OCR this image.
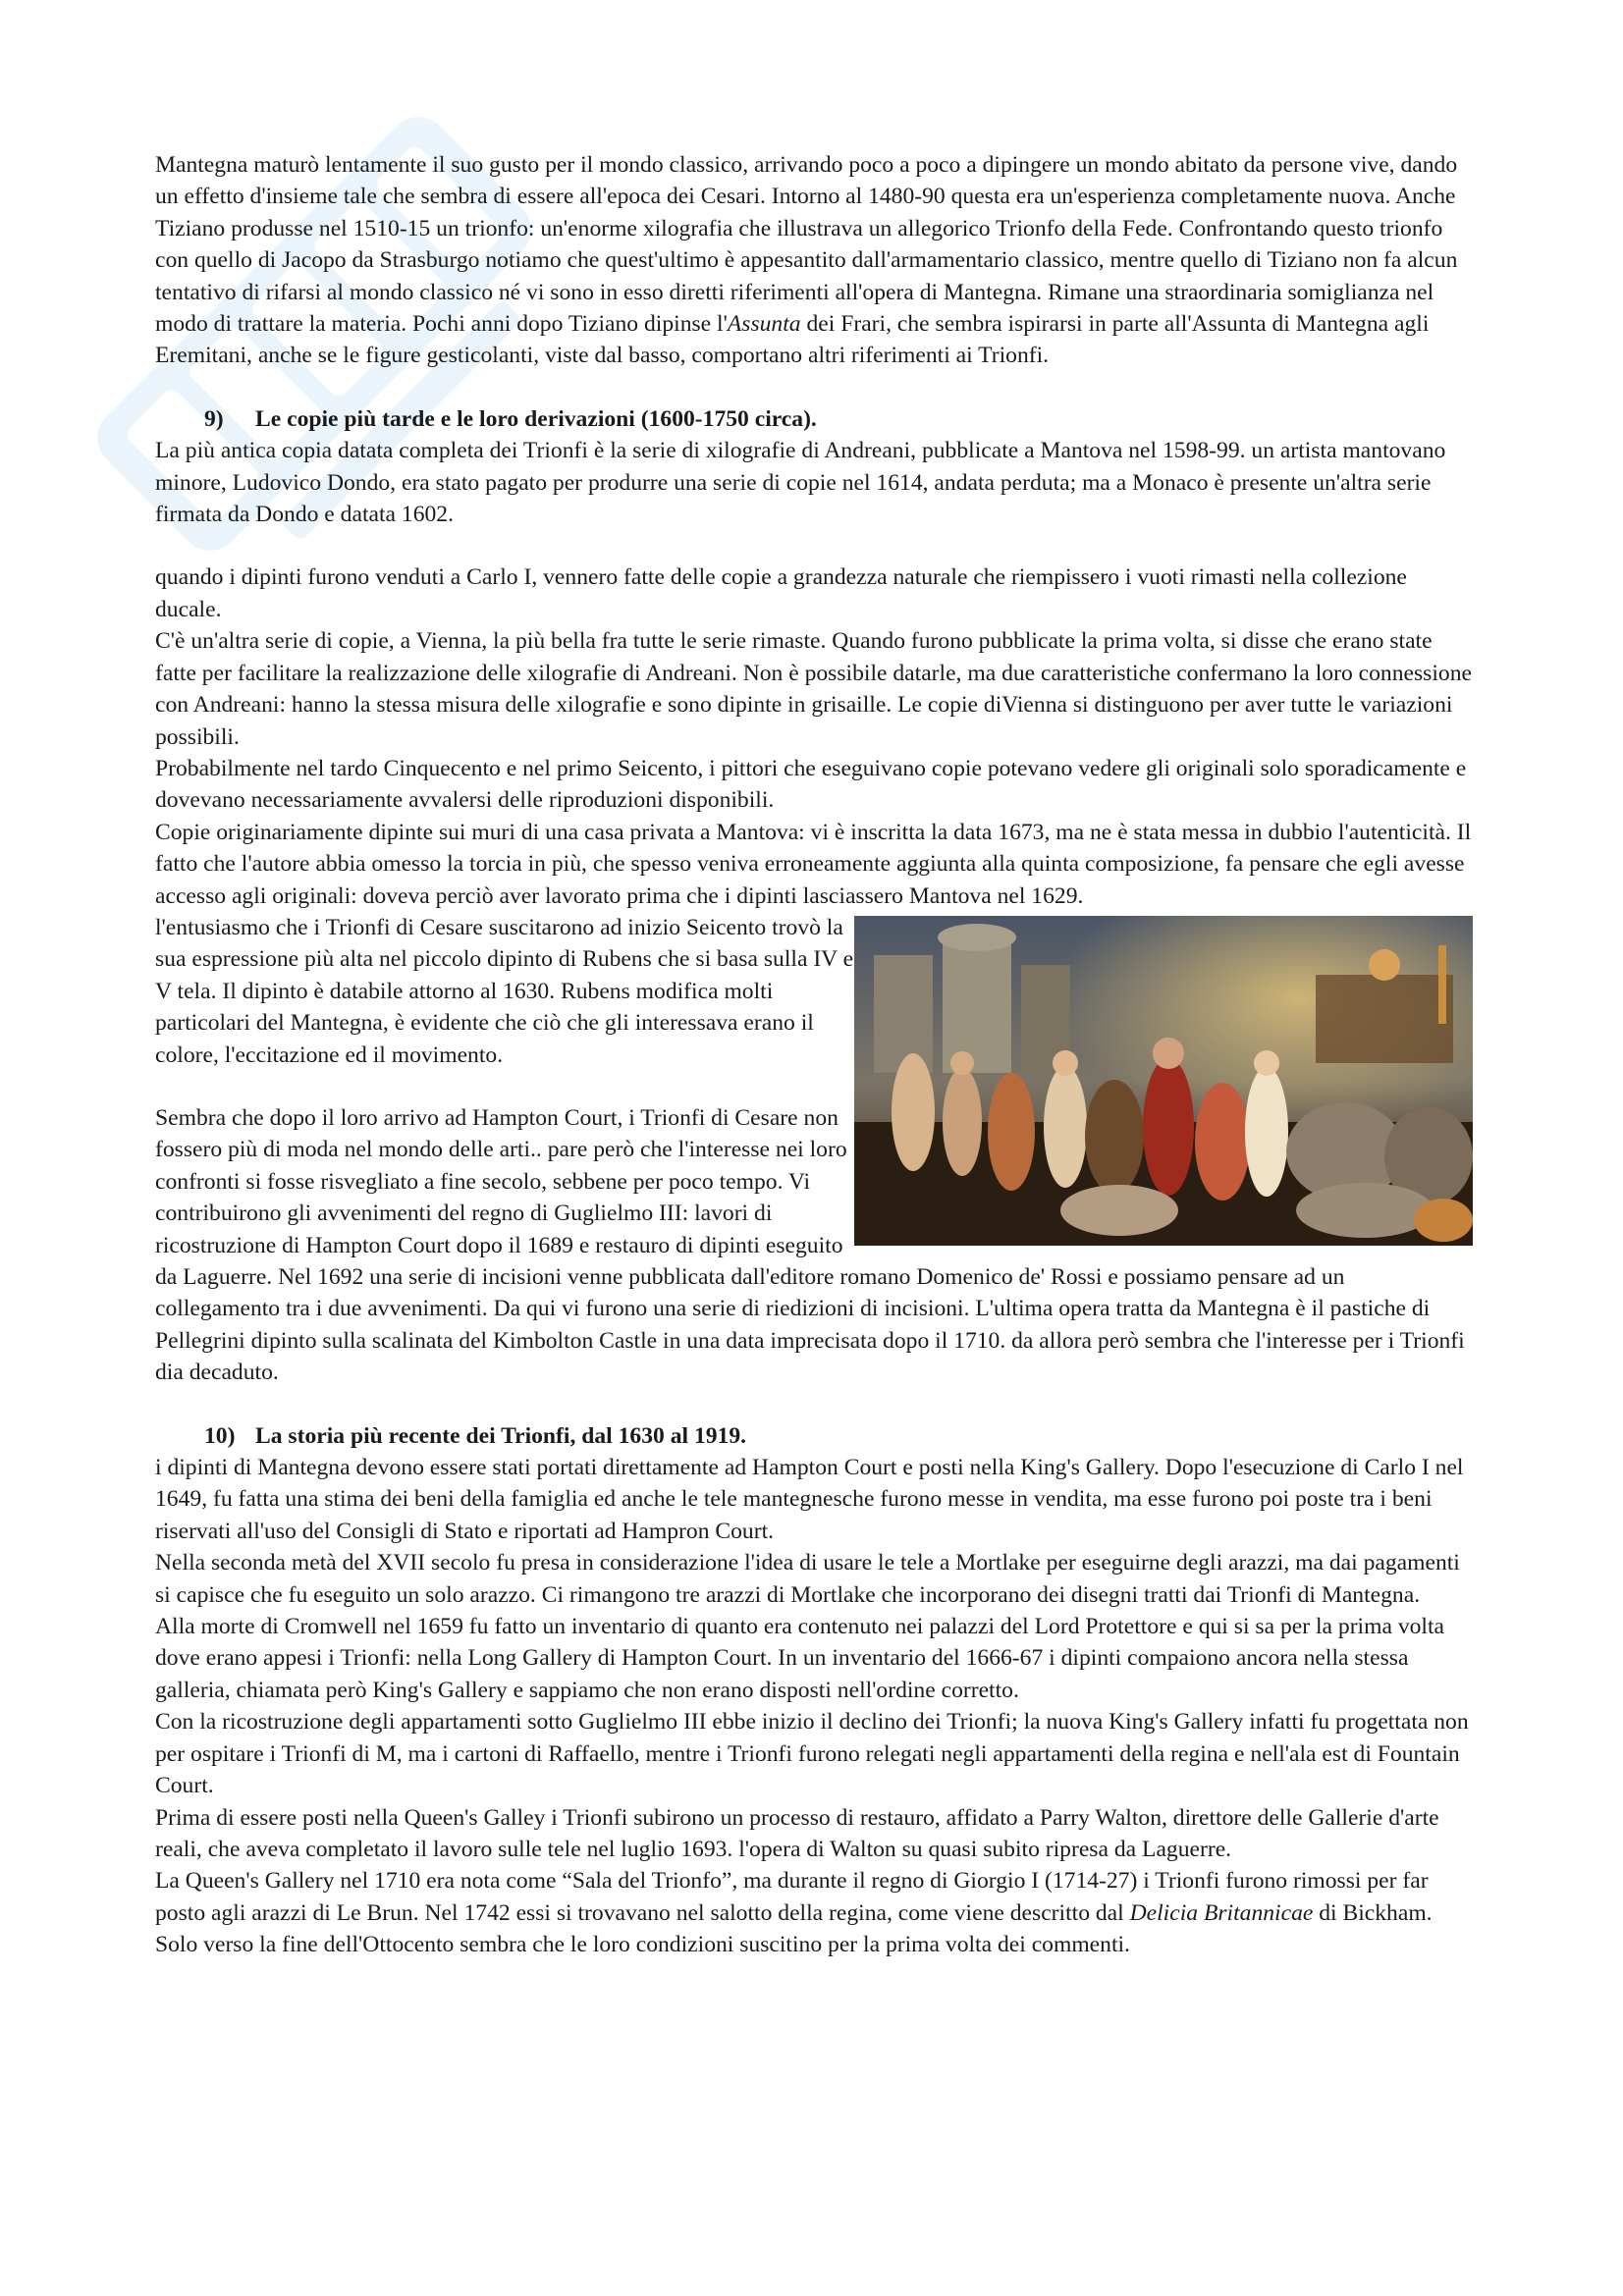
Mantegna maturò lentamente il suo gusto per il mondo classico, arrivando poco a poco a dipingere un mondo abitato da persone vive, dando un effetto d'insieme tale che sembra di essere all'epoca dei Cesari. Intorno al 1480-90 questa era un'esperienza completamente nuova. Anche Tiziano produsse nel 1510-15 un trionfo: un'enorme xilografia che illustrava un allegorico Trionfo della Fede. Confrontando questo trionfo con quello di Jacopo da Strasburgo notiamo che quest'ultimo è appesantito dall'armamentario classico, mentre quello di Tiziano non fa alcun tentativo di rifarsi al mondo classico né vi sono in esso diretti riferimenti all'opera di Mantegna. Rimane una straordinaria somiglianza nel modo di trattare la materia. Pochi anni dopo Tiziano dipinse l'Assunta dei Frari, che sembra ispirarsi in parte all'Assunta di Mantegna agli Eremitani, anche se le figure gesticolanti, viste dal basso, comportano altri riferimenti ai Trionfi.

9) Le copie più tarde e le loro derivazioni (1600-1750 circa).

La più antica copia datata completa dei Trionfi è la serie di xilografie di Andreani, pubblicate a Mantova nel 1598-99. un artista mantovano minore, Ludovico Dondo, era stato pagato per produrre una serie di copie nel 1614, andata perduta; ma a Monaco è presente un'altra serie firmata da Dondo e datata 1602.

quando i dipinti furono venduti a Carlo I, vennero fatte delle copie a grandezza naturale che riempissero i vuoti rimasti nella collezione ducale.

C'è un'altra serie di copie, a Vienna, la più bella fra tutte le serie rimaste. Quando furono pubblicate la prima volta, si disse che erano state fatte per facilitare la realizzazione delle xilografie di Andreani. Non è possibile datarle, ma due caratteristiche confermano la loro connessione con Andreani: hanno la stessa misura delle xilografie e sono dipinte in grisaille. Le copie diVienna si distinguono per aver tutte le variazioni possibili.

Probabilmente nel tardo Cinquecento e nel primo Seicento, i pittori che eseguivano copie potevano vedere gli originali solo sporadicamente e dovevano necessariamente avvalersi delle riproduzioni disponibili.

Copie originariamente dipinte sui muri di una casa privata a Mantova: vi è inscritta la data 1673, ma ne è stata messa in dubbio l'autenticità. Il fatto che l'autore abbia omesso la torcia in più, che spesso veniva erroneamente aggiunta alla quinta composizione, fa pensare che egli avesse accesso agli originali: doveva perciò aver lavorato prima che i dipinti lasciassero Mantova nel 1629.

l'entusiasmo che i Trionfi di Cesare suscitarono ad inizio Seicento trovò la sua espressione più alta nel piccolo dipinto di Rubens che si basa sulla IV e V tela. Il dipinto è databile attorno al 1630. Rubens modifica molti particolari del Mantegna, è evidente che ciò che gli interessava erano il colore, l'eccitazione ed il movimento.

Sembra che dopo il loro arrivo ad Hampton Court, i Trionfi di Cesare non fossero più di moda nel mondo delle arti.. pare però che l'interesse nei loro confronti si fosse risvegliato a fine secolo, sebbene per poco tempo. Vi contribuirono gli avvenimenti del regno di Guglielmo III: lavori di ricostruzione di Hampton Court dopo il 1689 e restauro di dipinti eseguito da Laguerre. Nel 1692 una serie di incisioni venne pubblicata dall'editore romano Domenico de' Rossi e possiamo pensare ad un collegamento tra i due avvenimenti. Da qui vi furono una serie di riedizioni di incisioni. L'ultima opera tratta da Mantegna è il pastiche di Pellegrini dipinto sulla scalinata del Kimbolton Castle in una data imprecisata dopo il 1710. da allora però sembra che l'interesse per i Trionfi dia decaduto.

10) La storia più recente dei Trionfi, dal 1630 al 1919.

i dipinti di Mantegna devono essere stati portati direttamente ad Hampton Court e posti nella King's Gallery. Dopo l'esecuzione di Carlo I nel 1649, fu fatta una stima dei beni della famiglia ed anche le tele mantegnesche furono messe in vendita, ma esse furono poi poste tra i beni riservati all'uso del Consigli di Stato e riportati ad Hampron Court.

Nella seconda metà del XVII secolo fu presa in considerazione l'idea di usare le tele a Mortlake per eseguirne degli arazzi, ma dai pagamenti si capisce che fu eseguito un solo arazzo. Ci rimangono tre arazzi di Mortlake che incorporano dei disegni tratti dai Trionfi di Mantegna.

Alla morte di Cromwell nel 1659 fu fatto un inventario di quanto era contenuto nei palazzi del Lord Protettore e qui si sa per la prima volta dove erano appesi i Trionfi: nella Long Gallery di Hampton Court. In un inventario del 1666-67 i dipinti compaiono ancora nella stessa galleria, chiamata però King's Gallery e sappiamo che non erano disposti nell'ordine corretto.

Con la ricostruzione degli appartamenti sotto Guglielmo III ebbe inizio il declino dei Trionfi; la nuova King's Gallery infatti fu progettata non per ospitare i Trionfi di M, ma i cartoni di Raffaello, mentre i Trionfi furono relegati negli appartamenti della regina e nell'ala est di Fountain Court.

Prima di essere posti nella Queen's Galley i Trionfi subirono un processo di restauro, affidato a Parry Walton, direttore delle Gallerie d'arte reali, che aveva completato il lavoro sulle tele nel luglio 1693. l'opera di Walton su quasi subito ripresa da Laguerre.

La Queen's Gallery nel 1710 era nota come “Sala del Trionfo”, ma durante il regno di Giorgio I (1714-27) i Trionfi furono rimossi per far posto agli arazzi di Le Brun. Nel 1742 essi si trovavano nel salotto della regina, come viene descritto dal Delicia Britannicae di Bickham.

Solo verso la fine dell'Ottocento sembra che le loro condizioni suscitino per la prima volta dei commenti.
